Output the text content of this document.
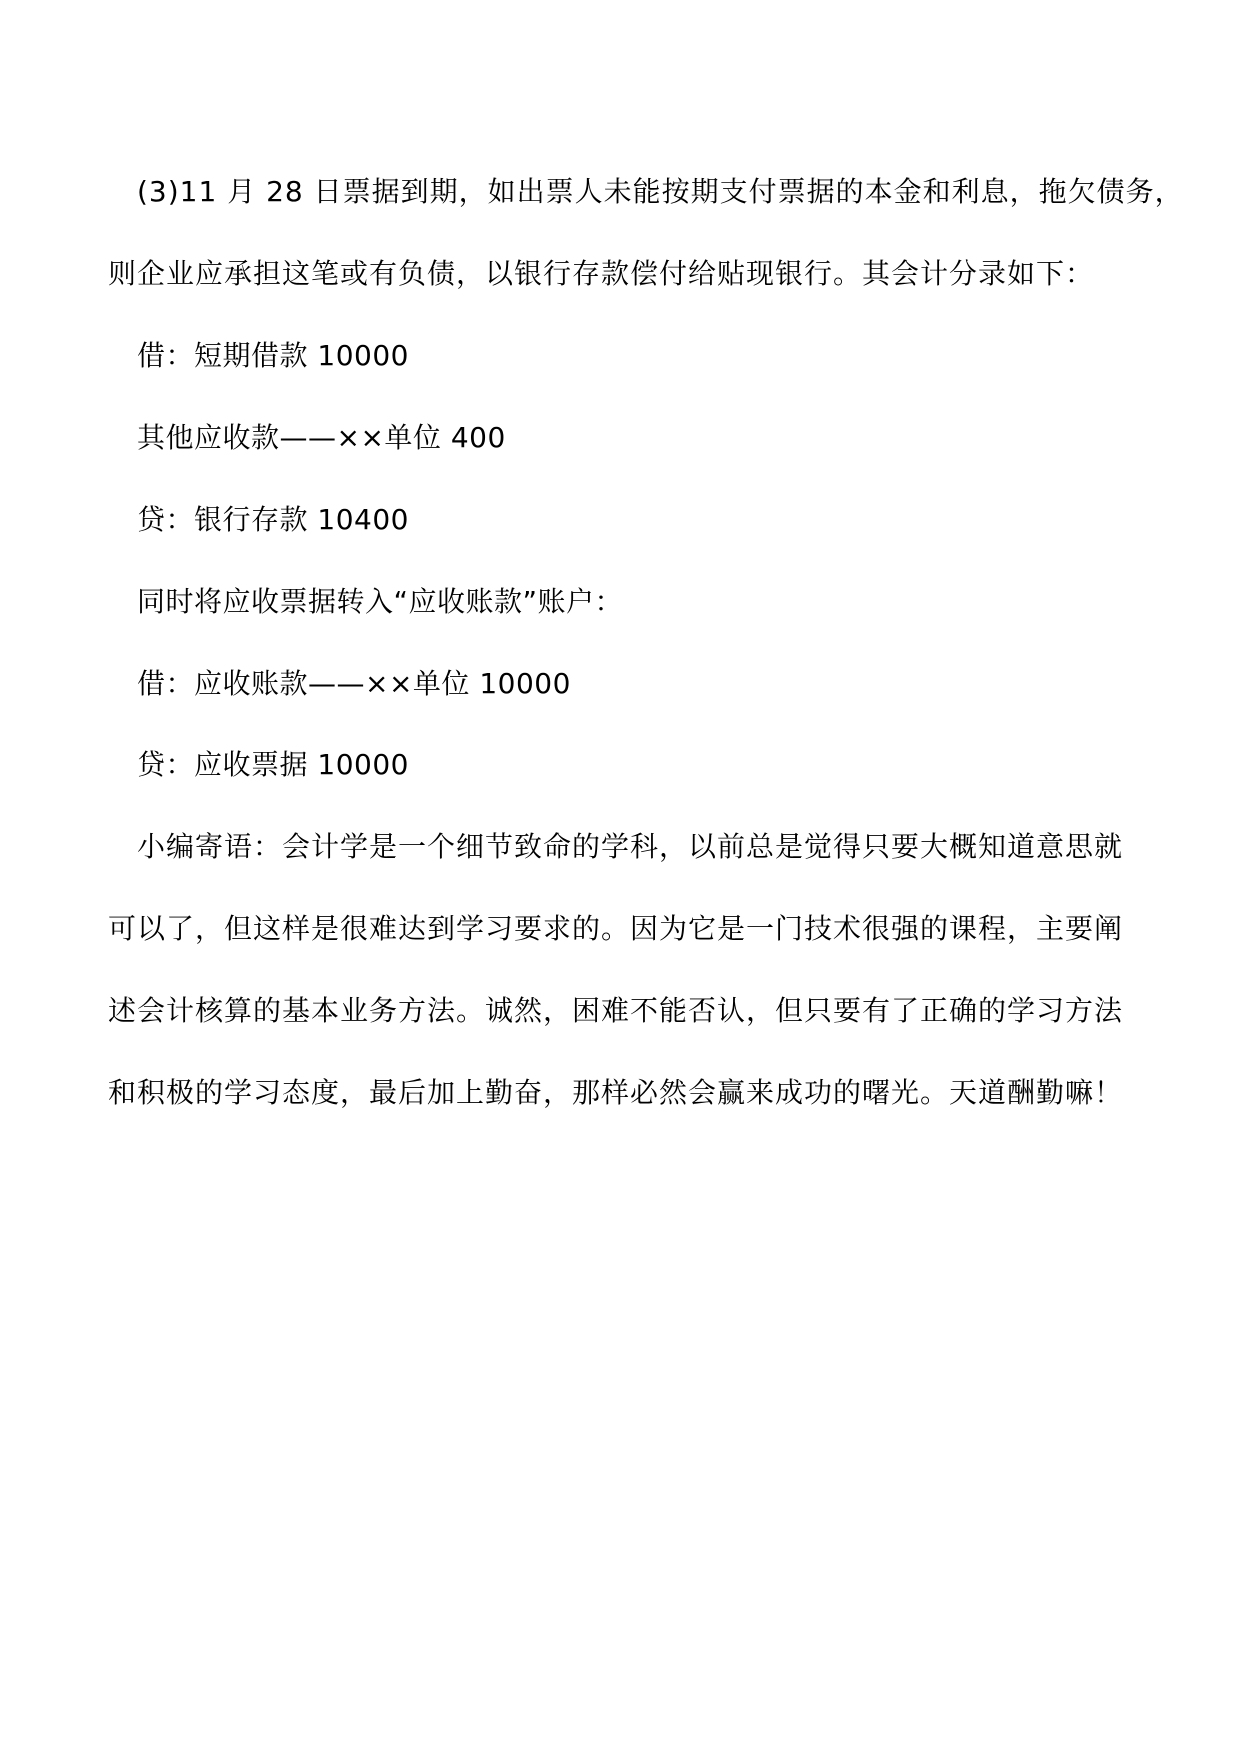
(3)11 月 28 日票据到期，如出票人未能按期支付票据的本金和利息，拖欠债务，
则企业应承担这笔或有负债，以银行存款偿付给贴现银行。其会计分录如下：
借：短期借款 10000
其他应收款——××单位 400
贷：银行存款 10400
同时将应收票据转入“应收账款”账户：
借：应收账款——××单位 10000
贷：应收票据 10000
小编寄语：会计学是一个细节致命的学科，以前总是觉得只要大概知道意思就
可以了，但这样是很难达到学习要求的。因为它是一门技术很强的课程，主要阐
述会计核算的基本业务方法。诚然，困难不能否认，但只要有了正确的学习方法
和积极的学习态度，最后加上勤奋，那样必然会赢来成功的曙光。天道酬勤嘛！
